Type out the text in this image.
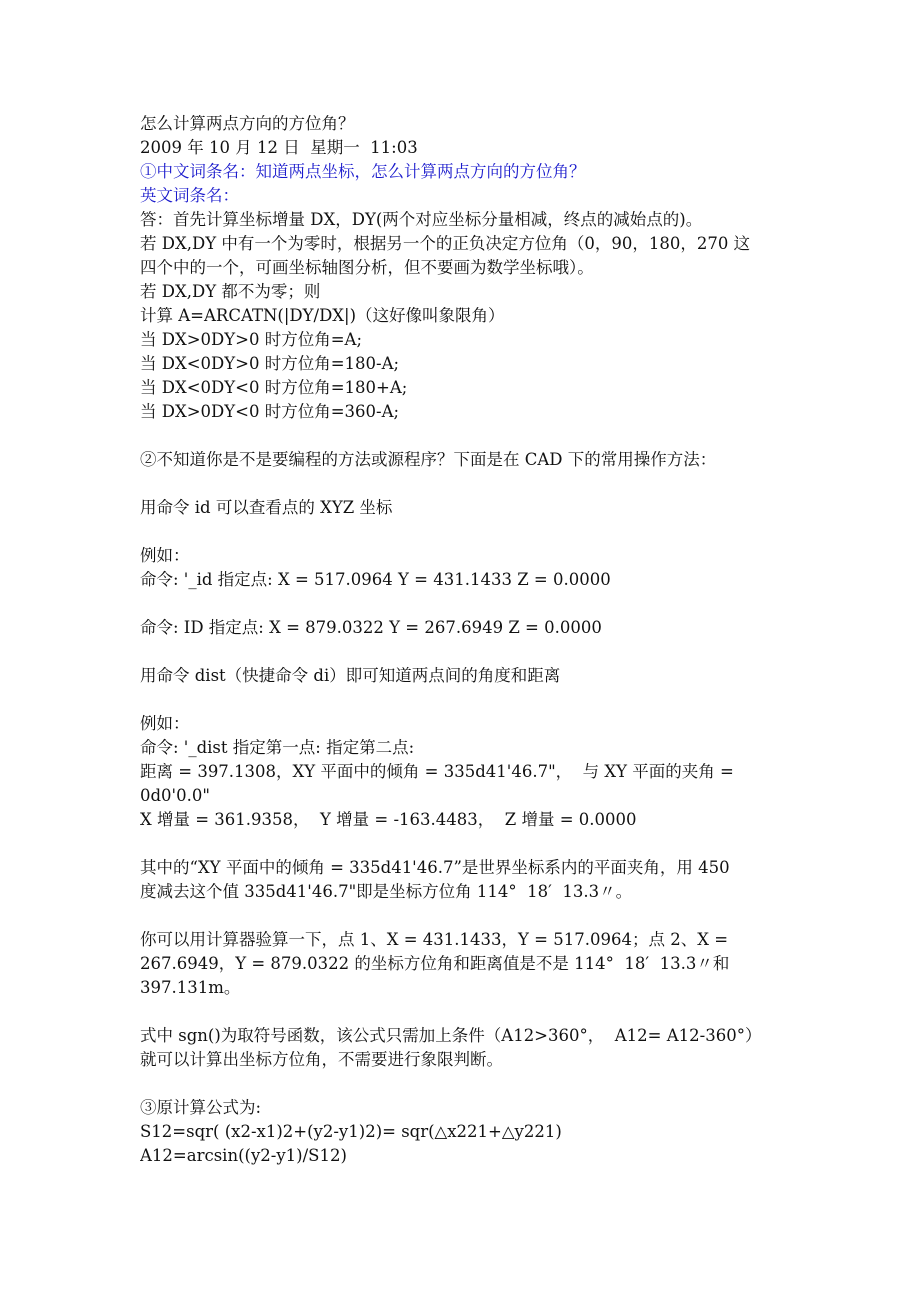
怎么计算两点方向的方位角？
2009 年 10 月 12 日  星期一  11:03
①中文词条名：知道两点坐标，怎么计算两点方向的方位角？
英文词条名：
答：首先计算坐标增量 DX，DY(两个对应坐标分量相减，终点的减始点的)。
若 DX,DY 中有一个为零时，根据另一个的正负决定方位角（0，90，180，270 这
四个中的一个，可画坐标轴图分析，但不要画为数学坐标哦）。
若 DX,DY 都不为零；则
计算 A=ARCATN(|DY/DX|)（这好像叫象限角）
当 DX>0DY>0 时方位角=A;
当 DX<0DY>0 时方位角=180-A;
当 DX<0DY<0 时方位角=180+A;
当 DX>0DY<0 时方位角=360-A;
②不知道你是不是要编程的方法或源程序？下面是在 CAD 下的常用操作方法：
用命令 id 可以查看点的 XYZ 坐标
例如：
命令: '_id 指定点: X = 517.0964 Y = 431.1433 Z = 0.0000
命令: ID 指定点: X = 879.0322 Y = 267.6949 Z = 0.0000
用命令 dist（快捷命令 di）即可知道两点间的角度和距离
例如：
命令: '_dist 指定第一点: 指定第二点:
距离 = 397.1308，XY 平面中的倾角 = 335d41'46.7"，  与 XY 平面的夹角 =
0d0'0.0"
X 增量 = 361.9358，  Y 增量 = -163.4483，  Z 增量 = 0.0000
其中的“XY 平面中的倾角 = 335d41'46.7”是世界坐标系内的平面夹角，用 450
度减去这个值 335d41'46.7"即是坐标方位角 114°  18′  13.3〃。
你可以用计算器验算一下，点 1、X = 431.1433，Y = 517.0964；点 2、X =
267.6949，Y = 879.0322 的坐标方位角和距离值是不是 114°  18′  13.3〃和
397.131m。
式中 sgn()为取符号函数，该公式只需加上条件（A12>360°，  A12= A12-360°）
就可以计算出坐标方位角，不需要进行象限判断。
③原计算公式为:
S12=sqr( (x2-x1)2+(y2-y1)2)= sqr(△x221+△y221)
A12=arcsin((y2-y1)/S12)
